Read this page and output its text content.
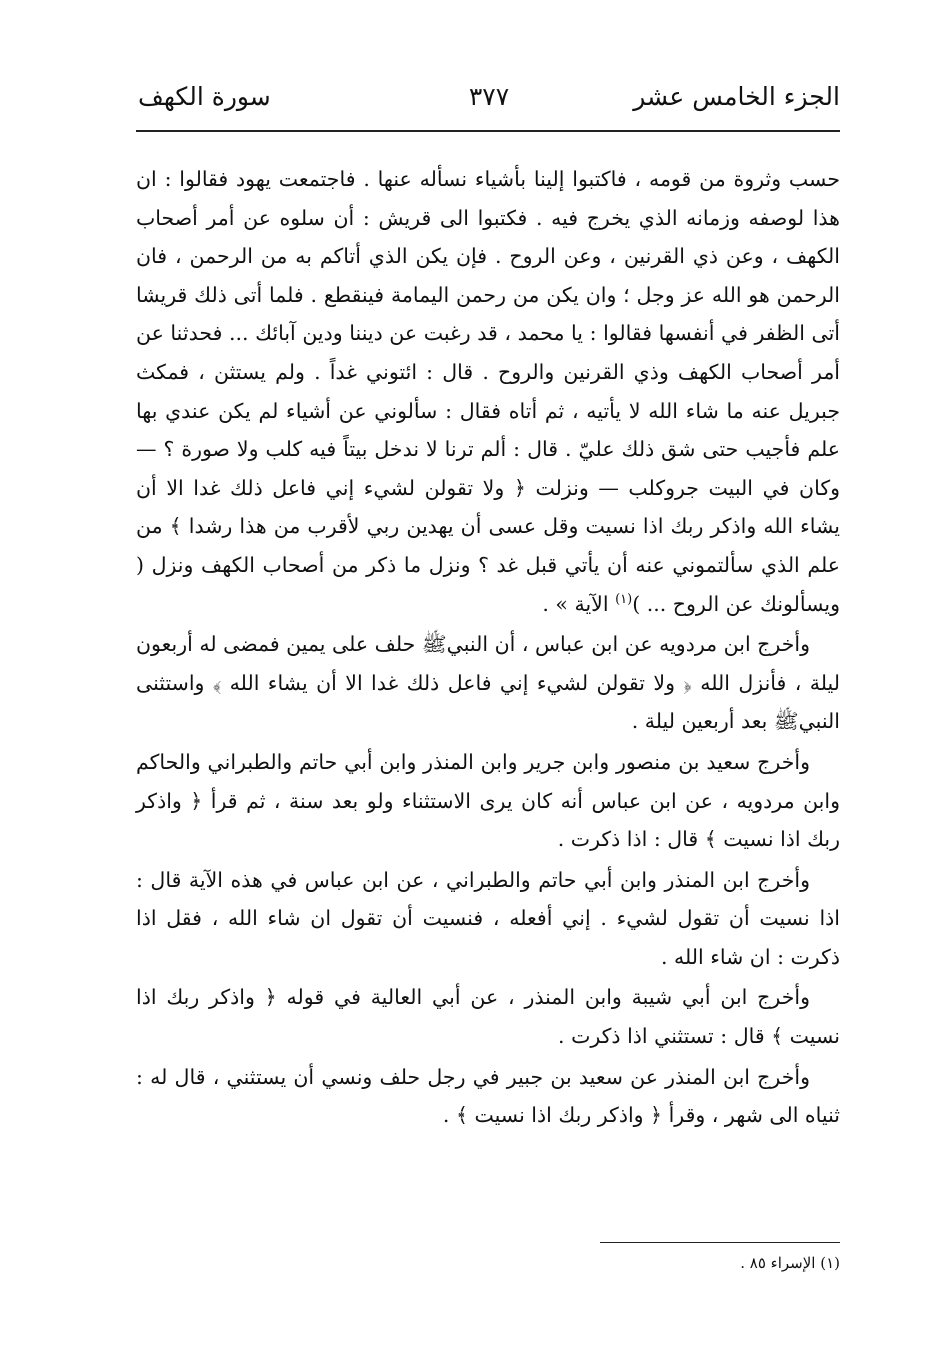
الجزء الخامس عشر
٣٧٧
سورة الكهف

حسب وثروة من قومه ، فاكتبوا إلينا بأشياء نسأله عنها . فاجتمعت يهود فقالوا : ان هذا لوصفه وزمانه الذي يخرج فيه . فكتبوا الى قريش : أن سلوه عن أمر أصحاب الكهف ، وعن ذي القرنين ، وعن الروح . فإن يكن الذي أتاكم به من الرحمن ، فان الرحمن هو الله عز وجل ؛ وان يكن من رحمن اليمامة فينقطع . فلما أتى ذلك قريشا أتى الظفر في أنفسها فقالوا : يا محمد ، قد رغبت عن ديننا ودين آبائك ... فحدثنا عن أمر أصحاب الكهف وذي القرنين والروح . قال : ائتوني غداً . ولم يستثن ، فمكث جبريل عنه ما شاء الله لا يأتيه ، ثم أتاه فقال : سألوني عن أشياء لم يكن عندي بها علم فأجيب حتى شق ذلك عليّ . قال : ألم ترنا لا ندخل بيتاً فيه كلب ولا صورة ؟ — وكان في البيت جروكلب — ونزلت ﴿ ولا تقولن لشيء إني فاعل ذلك غدا الا أن يشاء الله واذكر ربك اذا نسيت وقل عسى أن يهدين ربي لأقرب من هذا رشدا ﴾ من علم الذي سألتموني عنه أن يأتي قبل غد ؟ ونزل ما ذكر من أصحاب الكهف ونزل ( ويسألونك عن الروح ... )$^{(١)}$ الآية » .

وأخرج ابن مردويه عن ابن عباس ، أن النبيﷺ حلف على يمين فمضى له أربعون ليلة ، فأنزل الله ﴿ ولا تقولن لشيء إني فاعل ذلك غدا الا أن يشاء الله ﴾ واستثنى النبيﷺ بعد أربعين ليلة .

وأخرج سعيد بن منصور وابن جرير وابن المنذر وابن أبي حاتم والطبراني والحاكم وابن مردويه ، عن ابن عباس أنه كان يرى الاستثناء ولو بعد سنة ، ثم قرأ ﴿ واذكر ربك اذا نسيت ﴾ قال : اذا ذكرت .

وأخرج ابن المنذر وابن أبي حاتم والطبراني ، عن ابن عباس في هذه الآية قال : اذا نسيت أن تقول لشيء . إني أفعله ، فنسيت أن تقول ان شاء الله ، فقل اذا ذكرت : ان شاء الله .

وأخرج ابن أبي شيبة وابن المنذر ، عن أبي العالية في قوله ﴿ واذكر ربك اذا نسيت ﴾ قال : تستثني اذا ذكرت .

وأخرج ابن المنذر عن سعيد بن جبير في رجل حلف ونسي أن يستثني ، قال له : ثنياه الى شهر ، وقرأ ﴿ واذكر ربك اذا نسيت ﴾ .

(١) الإسراء ٨٥ .
